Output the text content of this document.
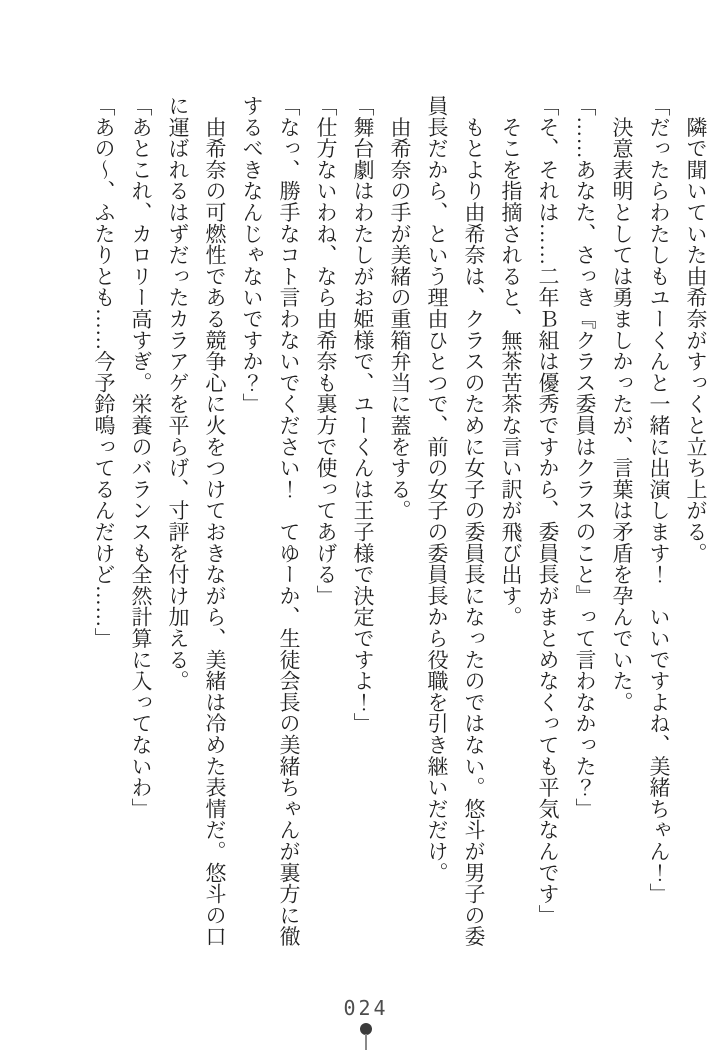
　隣で聞いていた由希奈がすっくと立ち上がる。
「だったらわたしもユーくんと一緒に出演します！　いいですよね、美緒ちゃん！」
　決意表明としては勇ましかったが、言葉は矛盾を孕んでいた。
「……あなた、さっき『クラス委員はクラスのこと』って言わなかった？」
「そ、それは……二年Ｂ組は優秀ですから、委員長がまとめなくっても平気なんです」
　そこを指摘されると、無茶苦茶な言い訳が飛び出す。
　もとより由希奈は、クラスのために女子の委員長になったのではない。悠斗が男子の委
員長だから、という理由ひとつで、前の女子の委員長から役職を引き継いだだけ。
　由希奈の手が美緒の重箱弁当に蓋をする。
「舞台劇はわたしがお姫様で、ユーくんは王子様で決定ですよ！」
「仕方ないわね、なら由希奈も裏方で使ってあげる」
「なっ、勝手なコト言わないでください！　てゆーか、生徒会長の美緒ちゃんが裏方に徹
するべきなんじゃないですか？」
　由希奈の可燃性である競争心に火をつけておきながら、美緒は冷めた表情だ。悠斗の口
に運ばれるはずだったカラアゲを平らげ、寸評を付け加える。
「あとこれ、カロリー高すぎ。栄養のバランスも全然計算に入ってないわ」
「あの〜、ふたりとも……今予鈴鳴ってるんだけど……」
024
